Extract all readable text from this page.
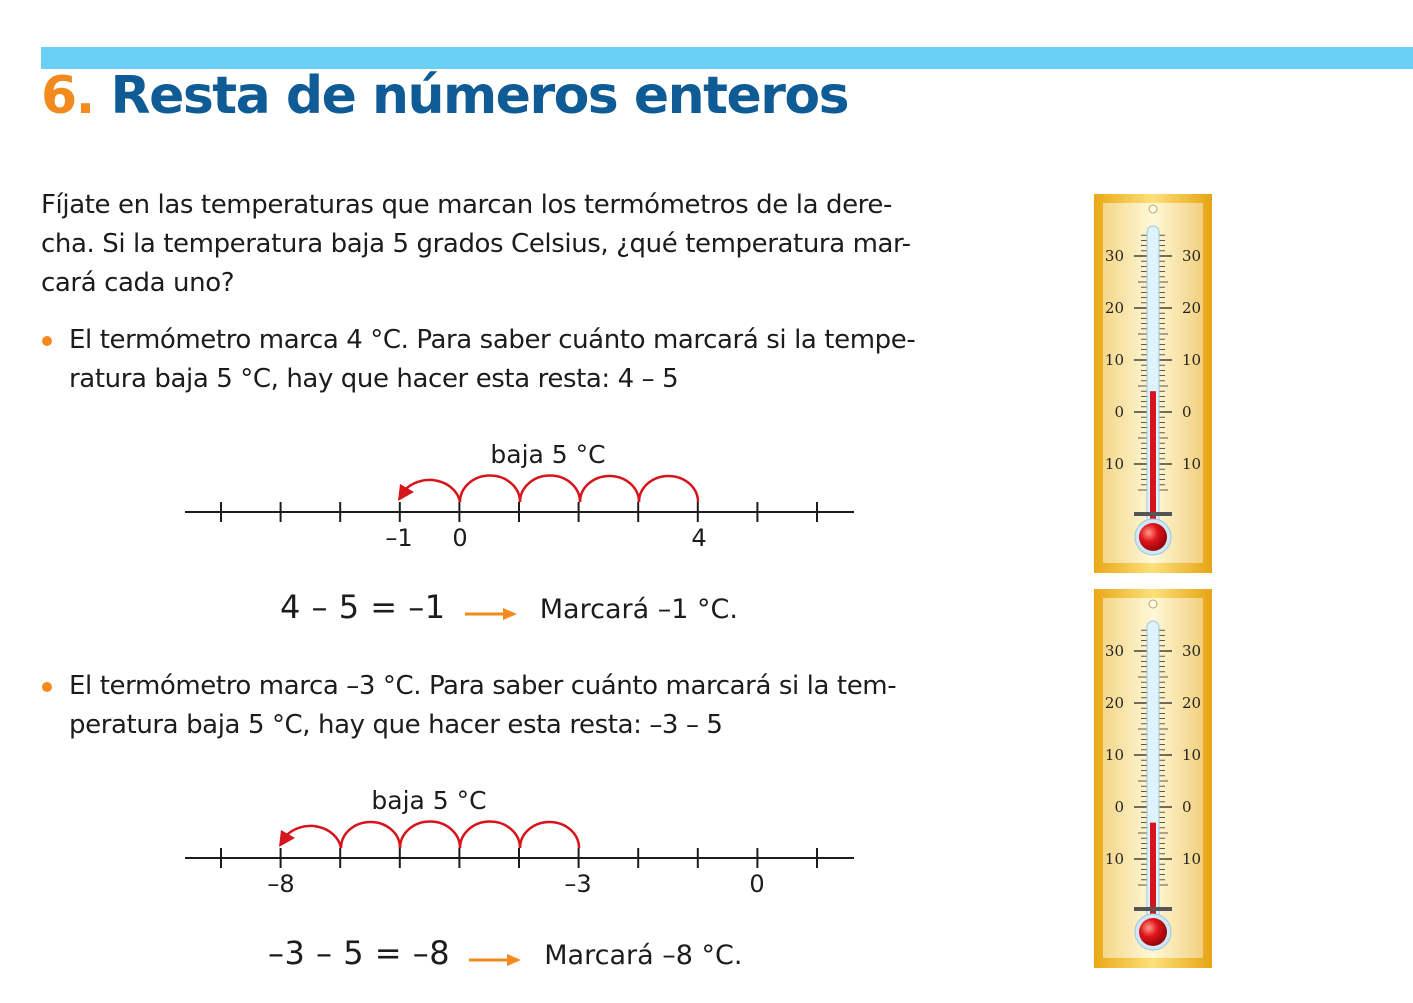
6. Resta de números enteros
Fíjate en las temperaturas que marcan los termómetros de la dere-
cha. Si la temperatura baja 5 grados Celsius, ¿qué temperatura mar-
cará cada uno?
El termómetro marca 4 °C. Para saber cuánto marcará si la tempe-
ratura baja 5 °C, hay que hacer esta resta: 4 – 5
baja 5 °C
–1 0	4
4 – 5 = –1	Marcará –1 °C.
El termómetro marca –3 °C. Para saber cuánto marcará si la tem-
peratura baja 5 °C, hay que hacer esta resta: –3 – 5
baja 5 °C
–8	–3	0
–3 – 5 = –8	Marcará –8 °C.
30	30
20	20
10	10
0	0
10	10
30	30
20	20
10	10
0	0
10	10
